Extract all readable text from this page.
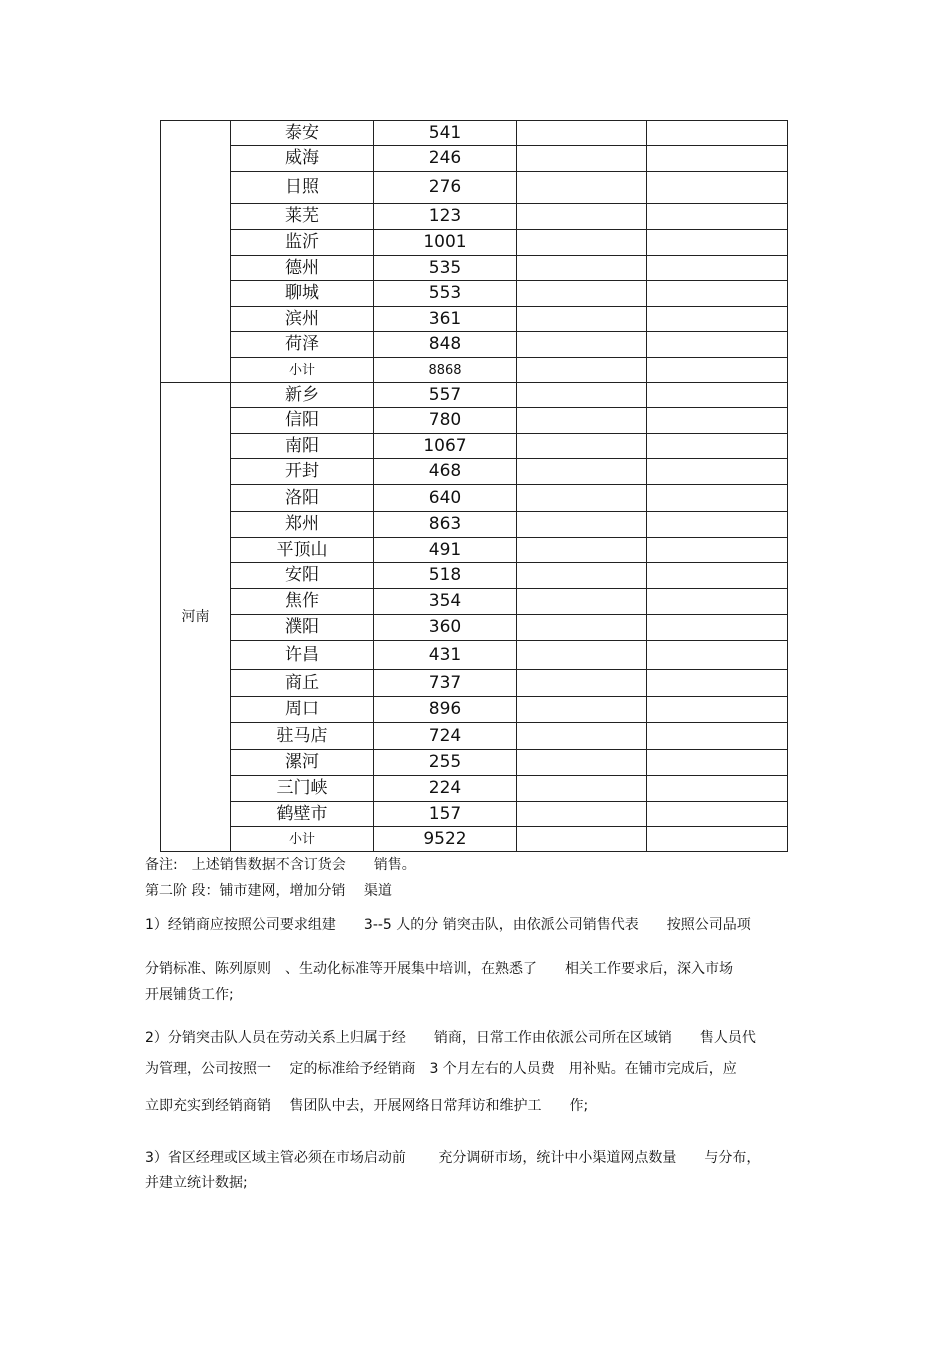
	泰安	541		
	威海	246		
	日照	276		
	莱芜	123		
	监沂	1001		
	德州	535		
	聊城	553		
	滨州	361		
	荷泽	848		
	小计	8868		
河南	新乡	557		
	信阳	780		
	南阳	1067		
	开封	468		
	洛阳	640		
	郑州	863		
	平顶山	491		
	安阳	518		
	焦作	354		
	濮阳	360		
	许昌	431		
	商丘	737		
	周口	896		
	驻马店	724		
	漯河	255		
	三门峡	224		
	鹤壁市	157		
	小计	9522		

备注:　上述销售数据不含订货会　　销售。

第二阶 段：铺市建网，增加分销　 渠道

1）经销商应按照公司要求组建　　3--5 人的分 销突击队，由依派公司销售代表　　按照公司品项

分销标准、陈列原则　、生动化标准等开展集中培训，在熟悉了　　相关工作要求后，深入市场

开展铺货工作;

2）分销突击队人员在劳动关系上归属于经　　销商，日常工作由依派公司所在区域销　　售人员代

为管理，公司按照一　 定的标准给予经销商　3 个月左右的人员费　用补贴。在铺市完成后，应

立即充实到经销商销　 售团队中去，开展网络日常拜访和维护工　　作;

3）省区经理或区域主管必须在市场启动前　　 充分调研市场，统计中小渠道网点数量　　与分布，

并建立统计数据;
